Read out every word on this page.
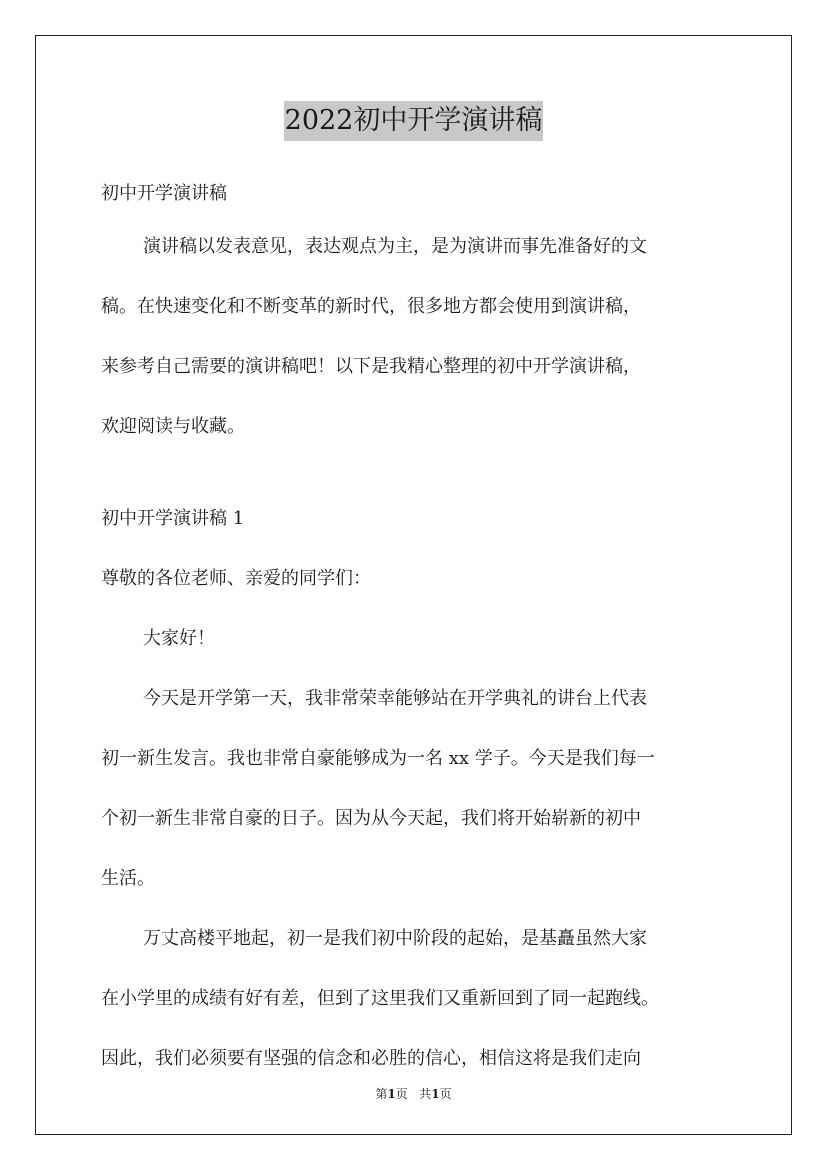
2022初中开学演讲稿

初中开学演讲稿

演讲稿以发表意见，表达观点为主，是为演讲而事先准备好的文
稿。在快速变化和不断变革的新时代，很多地方都会使用到演讲稿，
来参考自己需要的演讲稿吧！以下是我精心整理的初中开学演讲稿，
欢迎阅读与收藏。
初中开学演讲稿 1
尊敬的各位老师、亲爱的同学们：
大家好！
今天是开学第一天，我非常荣幸能够站在开学典礼的讲台上代表
初一新生发言。我也非常自豪能够成为一名 xx 学子。今天是我们每一
个初一新生非常自豪的日子。因为从今天起，我们将开始崭新的初中
生活。
万丈高楼平地起，初一是我们初中阶段的起始，是基矗虽然大家
在小学里的成绩有好有差，但到了这里我们又重新回到了同一起跑线。
因此，我们必须要有坚强的信念和必胜的信心，相信这将是我们走向
第1页 共1页
